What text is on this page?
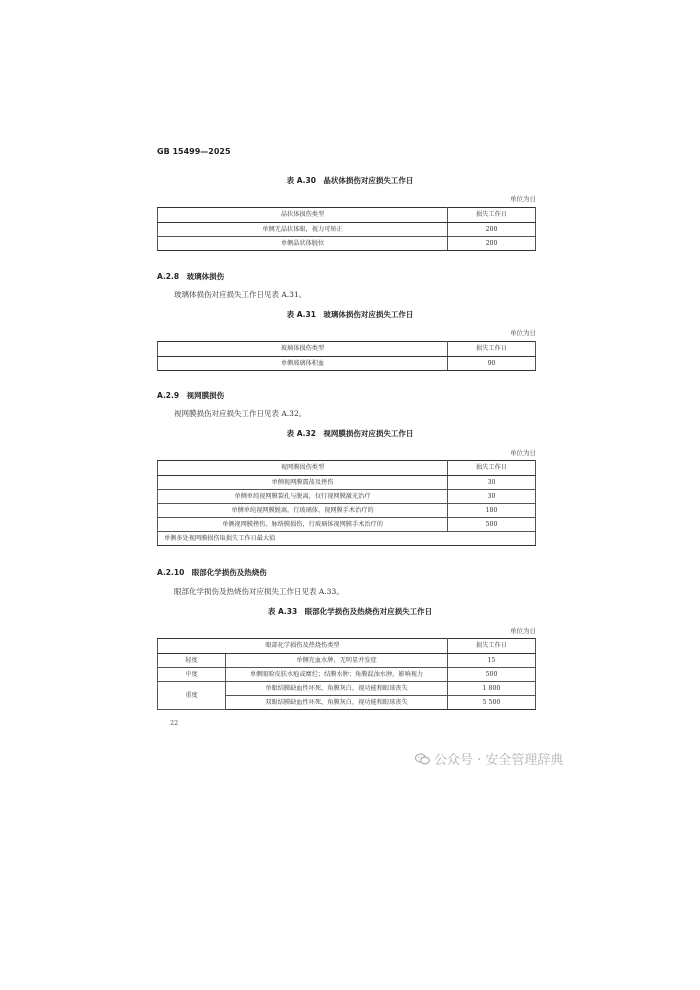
GB 15499—2025
表 A.30　晶状体损伤对应损失工作日
单位为日
晶状体损伤类型	损失工作日
单侧无晶状体眼，视力可矫正	200
单侧晶状体脱位	200
A.2.8　玻璃体损伤
玻璃体损伤对应损失工作日见表 A.31。
表 A.31　玻璃体损伤对应损失工作日
单位为日
玻璃体损伤类型	损失工作日
单侧玻璃体积血	90
A.2.9　视网膜损伤
视网膜损伤对应损失工作日见表 A.32。
表 A.32　视网膜损伤对应损失工作日
单位为日
视网膜损伤类型	损失工作日
单侧视网膜震荡及挫伤	30
单侧单纯视网膜裂孔与脱离，仅行视网膜激光治疗	30
单侧单纯视网膜脱离，行玻璃体、视网膜手术治疗的	180
单侧视网膜挫伤、脉络膜损伤，行玻璃体视网膜手术治疗的	500
单侧多处视网膜损伤取损失工作日最大值	
A.2.10　眼部化学损伤及热烧伤
眼部化学损伤及热烧伤对应损失工作日见表 A.33。
表 A.33　眼部化学损伤及热烧伤对应损失工作日
单位为日
眼部化学损伤及热烧伤类型		损失工作日
轻度	单侧充血水肿，无明显并发症	15
中度	单侧眼睑皮肤水疱或糜烂；结膜水肿；角膜混浊水肿，影响视力	500
重度	单眼结膜缺血性坏死，角膜灰白，视功能和眼球丧失	1 800
	双眼结膜缺血性坏死，角膜灰白，视功能和眼球丧失	5 500
22
公众号 · 安全管理辞典
